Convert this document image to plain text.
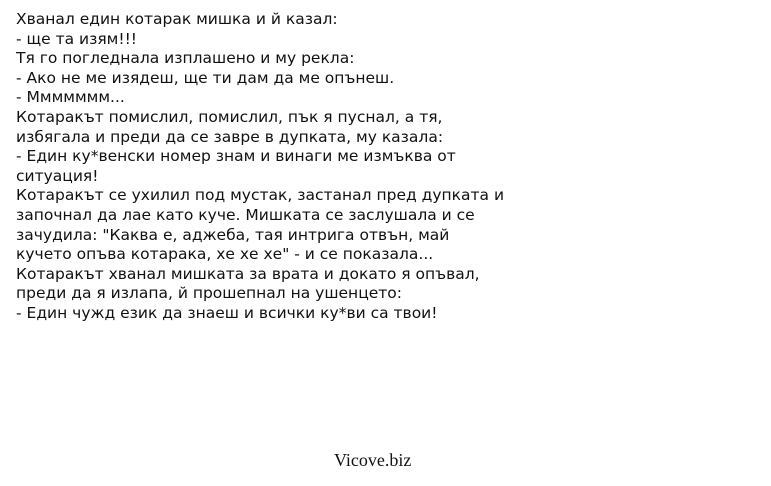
Хванал един котарак мишка и й казал:
- ще та изям!!!
Тя го погледнала изплашено и му рекла:
- Ако не ме изядеш, ще ти дам да ме опънеш.
- Ммммммм...
Котаракът помислил, помислил, пък я пуснал, а тя,
избягала и преди да се завре в дупката, му казала:
- Един ку*венски номер знам и винаги ме измъква от
ситуация!
Котаракът се ухилил под мустак, застанал пред дупката и
започнал да лае като куче. Мишката се заслушала и се
зачудила: "Каква е, аджеба, тая интрига отвън, май
кучето опъва котарака, хе хе хе" - и се показала...
Котаракът хванал мишката за врата и докато я опъвал,
преди да я излапа, й прошепнал на ушенцето:
- Един чужд език да знаеш и всички ку*ви са твои!
Vicove.biz
